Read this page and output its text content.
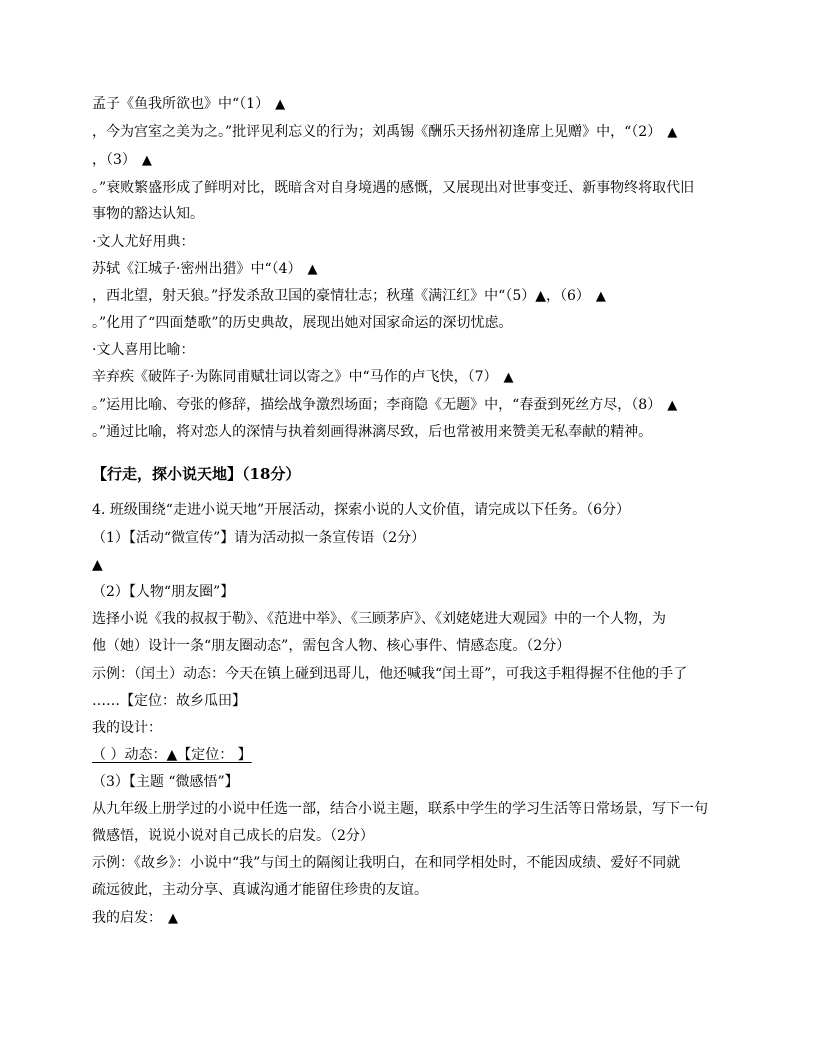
孟子《鱼我所欲也》中“（1） ▲
，今为宫室之美为之。”批评见利忘义的行为；刘禹锡《酬乐天扬州初逢席上见赠》中，“（2） ▲
，（3） ▲
。”衰败繁盛形成了鲜明对比，既暗含对自身境遇的感慨，又展现出对世事变迁、新事物终将取代旧
事物的豁达认知。
·文人尤好用典：
苏轼《江城子·密州出猎》中“（4） ▲
，西北望，射天狼。”抒发杀敌卫国的豪情壮志；秋瑾《满江红》中“（5）▲，（6） ▲
。”化用了“四面楚歌”的历史典故，展现出她对国家命运的深切忧虑。
·文人喜用比喻：
辛弃疾《破阵子·为陈同甫赋壮词以寄之》中“马作的卢飞快，（7） ▲
。”运用比喻、夸张的修辞，描绘战争激烈场面；李商隐《无题》中，“春蚕到死丝方尽，（8） ▲
。”通过比喻，将对恋人的深情与执着刻画得淋漓尽致，后也常被用来赞美无私奉献的精神。
【行走，探小说天地】（18分）
4. 班级围绕“走进小说天地”开展活动，探索小说的人文价值，请完成以下任务。（6分）
（1）【活动“微宣传”】请为活动拟一条宣传语（2分）
▲
（2）【人物“朋友圈”】
选择小说《我的叔叔于勒》、《范进中举》、《三顾茅庐》、《刘姥姥进大观园》中的一个人物，为
他（她）设计一条“朋友圈动态”，需包含人物、核心事件、情感态度。（2分）
示例：（闰土）动态：今天在镇上碰到迅哥儿，他还喊我“闰土哥”，可我这手粗得握不住他的手了
……【定位：故乡瓜田】
我的设计：
（ ）动态：▲【定位： 】
（3）【主题 “微感悟”】
从九年级上册学过的小说中任选一部，结合小说主题，联系中学生的学习生活等日常场景，写下一句
微感悟，说说小说对自己成长的启发。（2分）
示例：《故乡》：小说中“我”与闰土的隔阂让我明白，在和同学相处时，不能因成绩、爱好不同就
疏远彼此，主动分享、真诚沟通才能留住珍贵的友谊。
我的启发： ▲
